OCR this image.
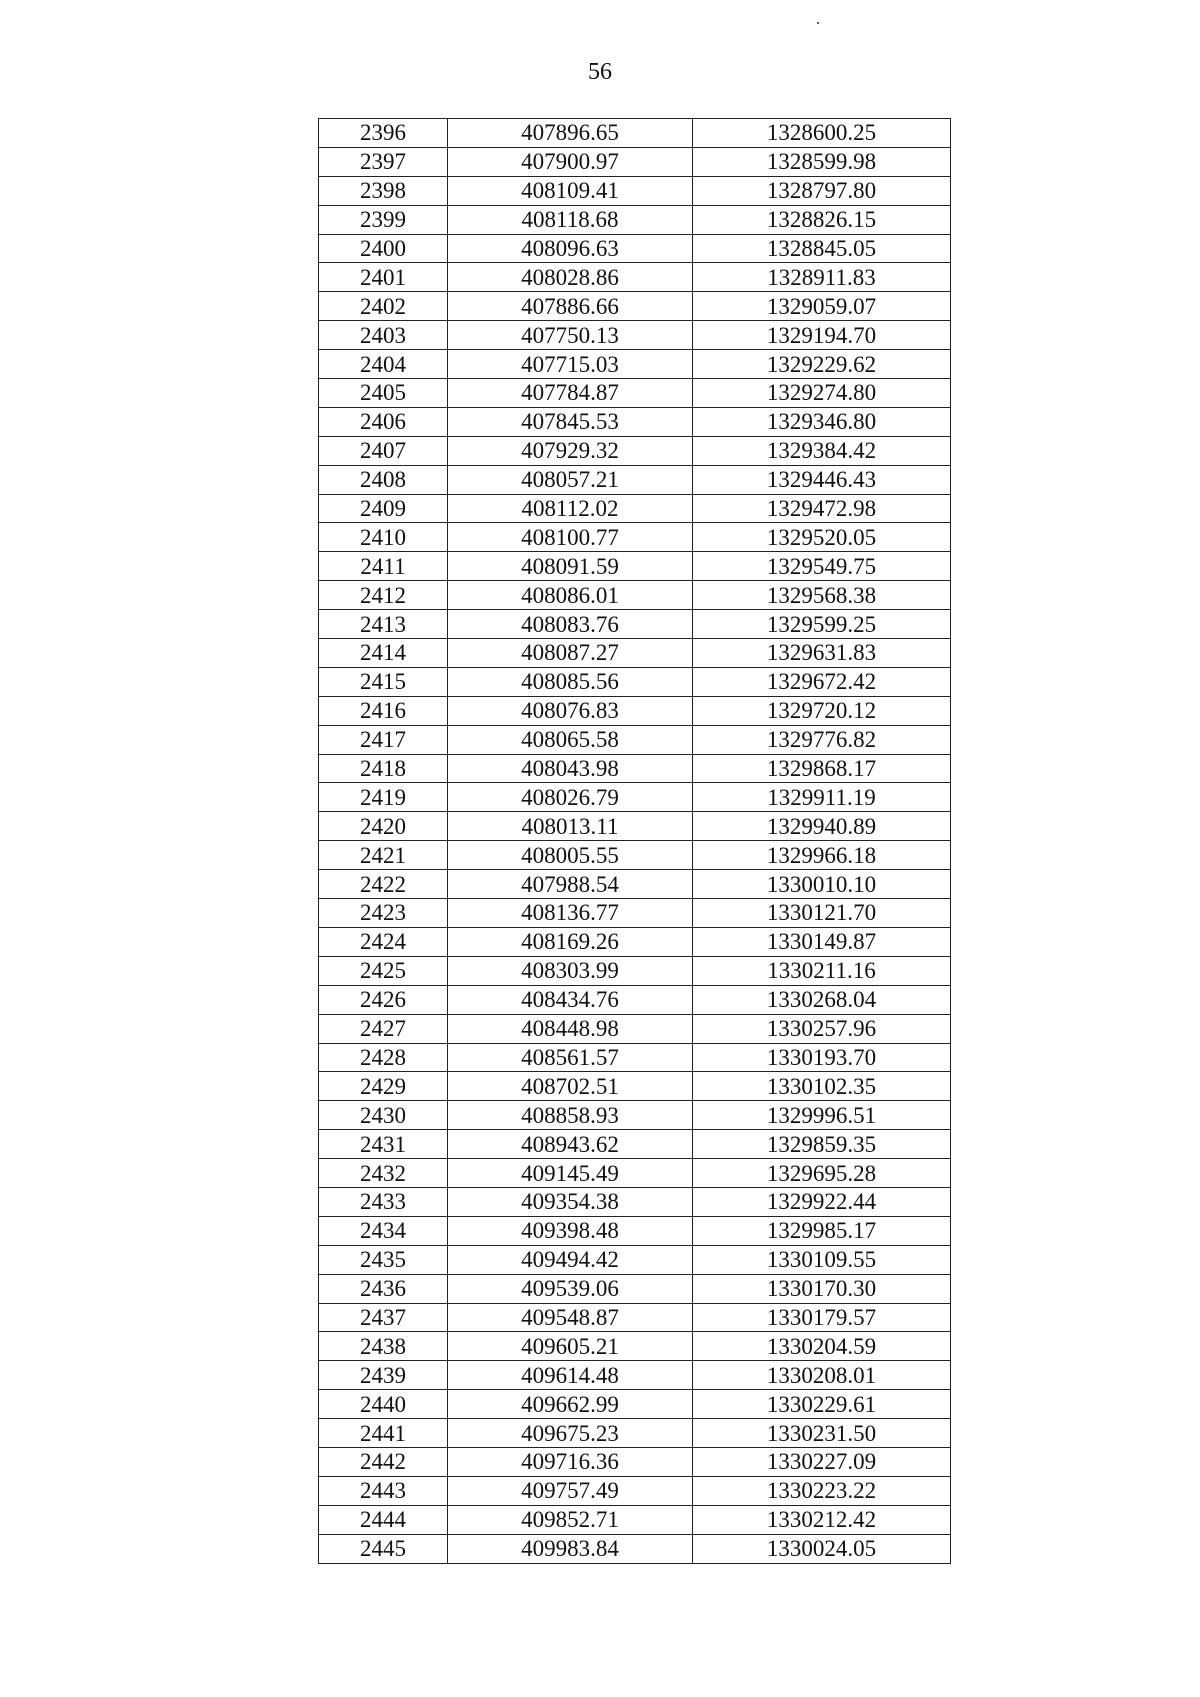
56
2396	407896.65	1328600.25
2397	407900.97	1328599.98
2398	408109.41	1328797.80
2399	408118.68	1328826.15
2400	408096.63	1328845.05
2401	408028.86	1328911.83
2402	407886.66	1329059.07
2403	407750.13	1329194.70
2404	407715.03	1329229.62
2405	407784.87	1329274.80
2406	407845.53	1329346.80
2407	407929.32	1329384.42
2408	408057.21	1329446.43
2409	408112.02	1329472.98
2410	408100.77	1329520.05
2411	408091.59	1329549.75
2412	408086.01	1329568.38
2413	408083.76	1329599.25
2414	408087.27	1329631.83
2415	408085.56	1329672.42
2416	408076.83	1329720.12
2417	408065.58	1329776.82
2418	408043.98	1329868.17
2419	408026.79	1329911.19
2420	408013.11	1329940.89
2421	408005.55	1329966.18
2422	407988.54	1330010.10
2423	408136.77	1330121.70
2424	408169.26	1330149.87
2425	408303.99	1330211.16
2426	408434.76	1330268.04
2427	408448.98	1330257.96
2428	408561.57	1330193.70
2429	408702.51	1330102.35
2430	408858.93	1329996.51
2431	408943.62	1329859.35
2432	409145.49	1329695.28
2433	409354.38	1329922.44
2434	409398.48	1329985.17
2435	409494.42	1330109.55
2436	409539.06	1330170.30
2437	409548.87	1330179.57
2438	409605.21	1330204.59
2439	409614.48	1330208.01
2440	409662.99	1330229.61
2441	409675.23	1330231.50
2442	409716.36	1330227.09
2443	409757.49	1330223.22
2444	409852.71	1330212.42
2445	409983.84	1330024.05
